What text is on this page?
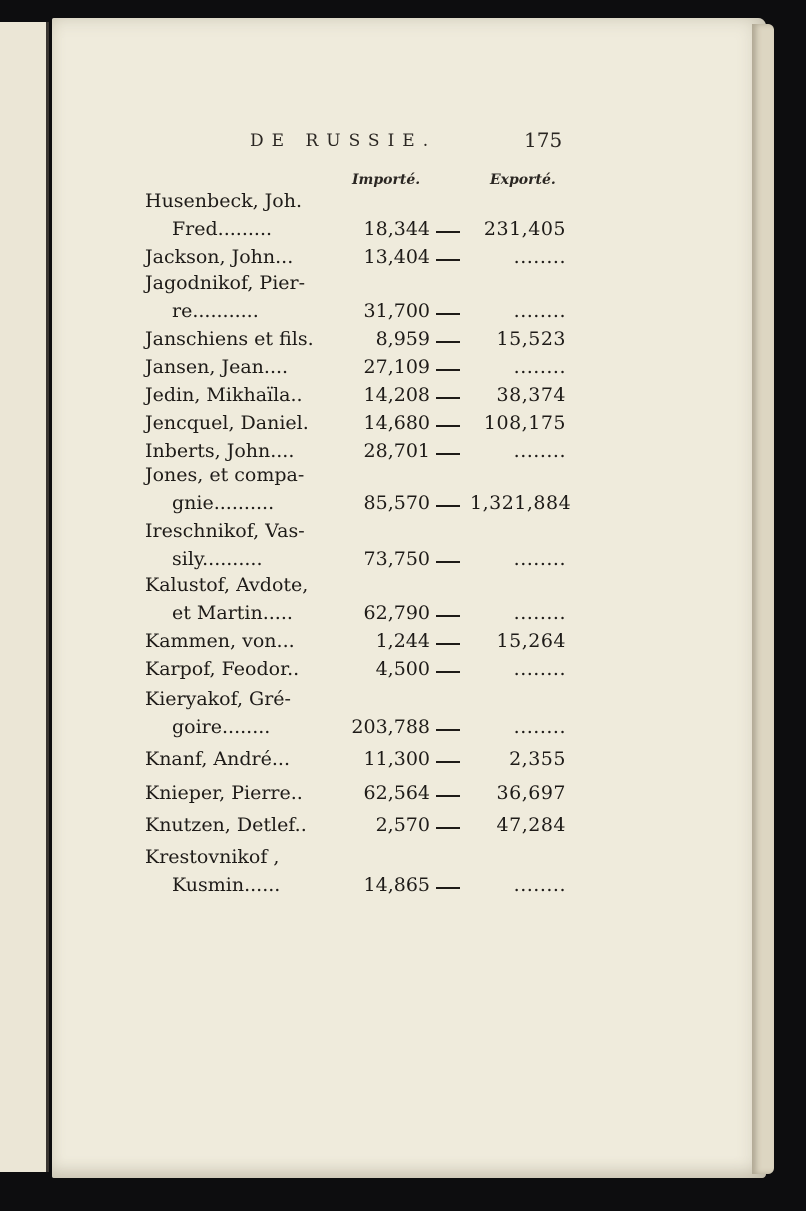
DE RUSSIE.	175
Importé.	Exporté.
Husenbeck, Joh.
Fred.........	18,344	231,405
Jackson, John...	13,404	........
Jagodnikof, Pier-
re...........	31,700	........
Janschiens et fils.	8,959	15,523
Jansen, Jean....	27,109	........
Jedin, Mikhaïla..	14,208	38,374
Jencquel, Daniel.	14,680	108,175
Inberts, John....	28,701	........
Jones, et compa-
gnie..........	85,570 1,321,884
Ireschnikof, Vas-
sily..........	73,750	........
Kalustof, Avdote,
et Martin.....	62,790	........
Kammen, von...	1,244	15,264
Karpof, Feodor..	4,500	........
Kieryakof, Gré-
goire........	203,788	........
Knanf, André...	11,300	2,355
Knieper, Pierre..	62,564	36,697
Knutzen, Detlef..	2,570	47,284
Krestovnikof ,
Kusmin......	14,865	........
